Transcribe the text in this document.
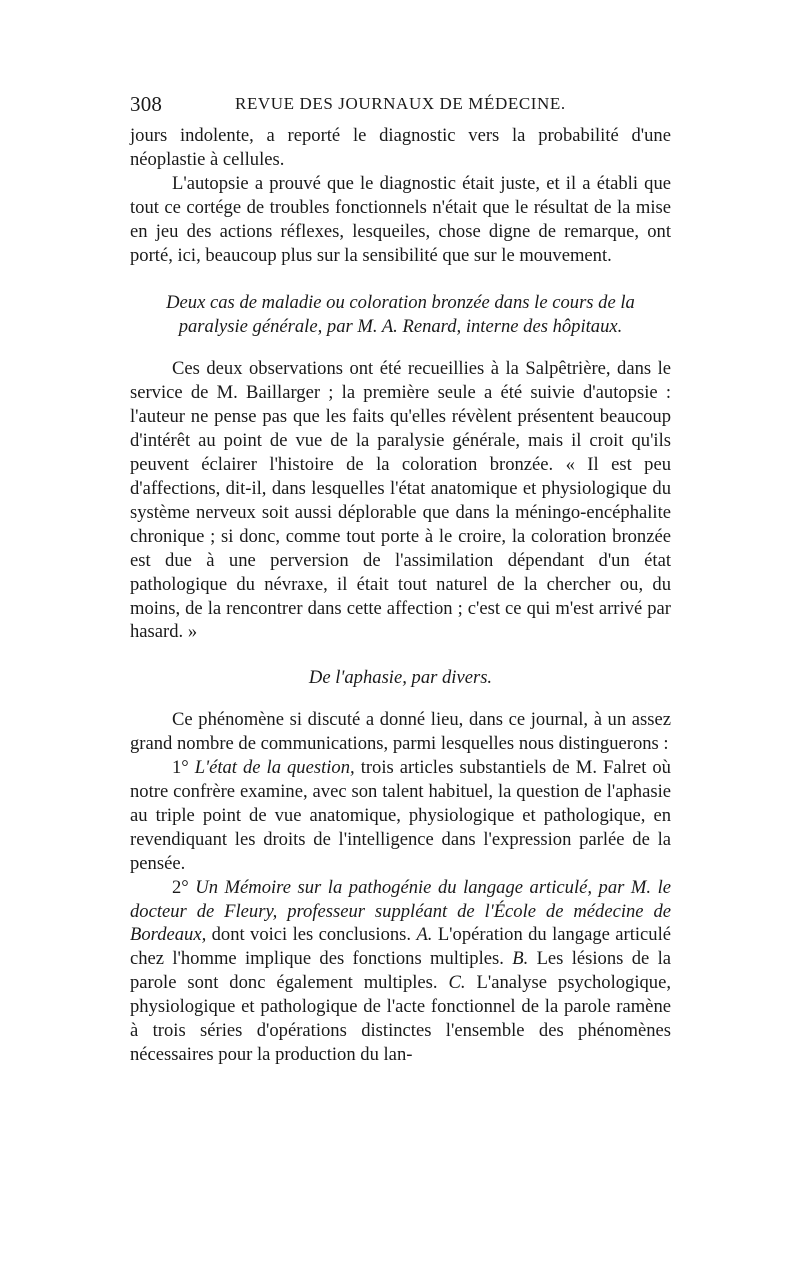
308	REVUE DES JOURNAUX DE MÉDECINE.

jours indolente, a reporté le diagnostic vers la probabilité d'une néoplastie à cellules.

L'autopsie a prouvé que le diagnostic était juste, et il a établi que tout ce cortége de troubles fonctionnels n'était que le résultat de la mise en jeu des actions réflexes, lesqueiles, chose digne de remarque, ont porté, ici, beaucoup plus sur la sensibilité que sur le mouvement.

Deux cas de maladie ou coloration bronzée dans le cours de la paralysie générale, par M. A. Renard, interne des hôpitaux.

Ces deux observations ont été recueillies à la Salpêtrière, dans le service de M. Baillarger ; la première seule a été suivie d'autopsie : l'auteur ne pense pas que les faits qu'elles révèlent présentent beaucoup d'intérêt au point de vue de la paralysie générale, mais il croit qu'ils peuvent éclairer l'histoire de la coloration bronzée. « Il est peu d'affections, dit-il, dans lesquelles l'état anatomique et physiologique du système nerveux soit aussi déplorable que dans la méningo-encéphalite chronique ; si donc, comme tout porte à le croire, la coloration bronzée est due à une perversion de l'assimilation dépendant d'un état pathologique du névraxe, il était tout naturel de la chercher ou, du moins, de la rencontrer dans cette affection ; c'est ce qui m'est arrivé par hasard. »

De l'aphasie, par divers.

Ce phénomène si discuté a donné lieu, dans ce journal, à un assez grand nombre de communications, parmi lesquelles nous distinguerons :

1° L'état de la question, trois articles substantiels de M. Falret où notre confrère examine, avec son talent habituel, la question de l'aphasie au triple point de vue anatomique, physiologique et pathologique, en revendiquant les droits de l'intelligence dans l'expression parlée de la pensée.

2° Un Mémoire sur la pathogénie du langage articulé, par M. le docteur de Fleury, professeur suppléant de l'École de médecine de Bordeaux, dont voici les conclusions. A. L'opération du langage articulé chez l'homme implique des fonctions multiples. B. Les lésions de la parole sont donc également multiples. C. L'analyse psychologique, physiologique et pathologique de l'acte fonctionnel de la parole ramène à trois séries d'opérations distinctes l'ensemble des phénomènes nécessaires pour la production du lan-
